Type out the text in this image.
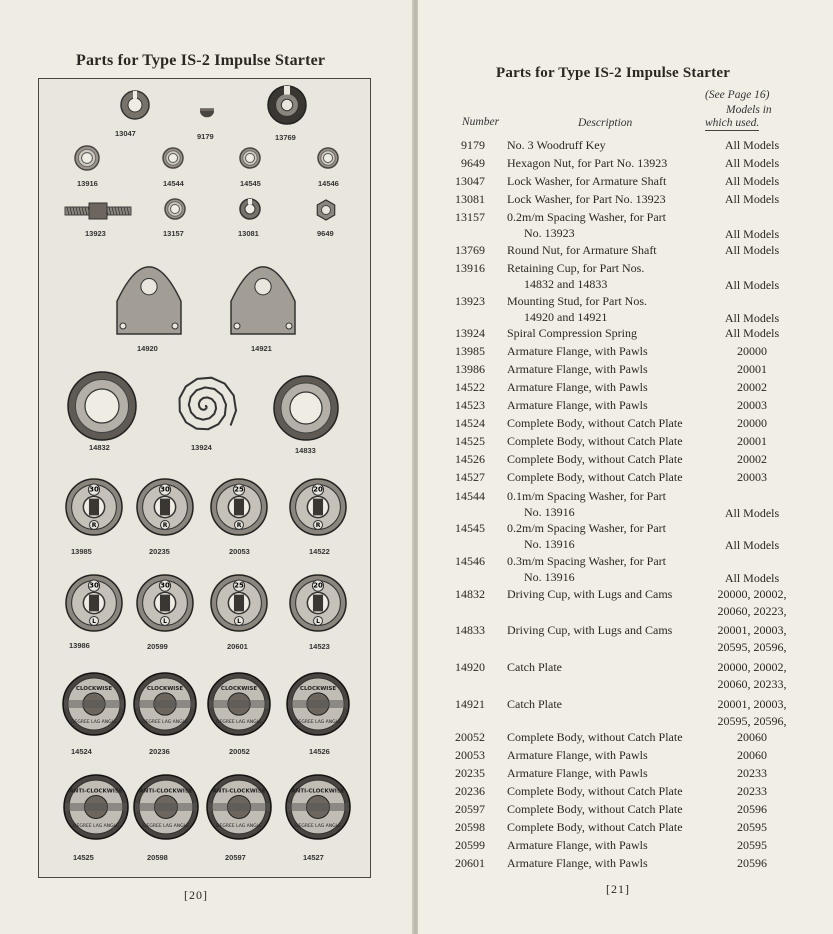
Parts for Type IS-2 Impulse Starter
13047	9179	13769
13916	14544	14545	14546
13923	13157	13081	9649
14920	14921
14832	13924	14833
30
R
13985
30
R
20235
25
R
20053
20
R
14522
30
L
13986
30
L
20599
25
L
20601
20
L
14523
CLOCKWISE
DEGREE LAG ANGLE
14524
CLOCKWISE
DEGREE LAG ANGLE
20236
CLOCKWISE
DEGREE LAG ANGLE
20052
CLOCKWISE
DEGREE LAG ANGLE
14526
ANTI-CLOCKWISE
DEGREE LAG ANGLE
14525
ANTI-CLOCKWISE
DEGREE LAG ANGLE
20598
ANTI-CLOCKWISE
DEGREE LAG ANGLE
20597
ANTI-CLOCKWISE
DEGREE LAG ANGLE
14527
[20]
Parts for Type IS-2 Impulse Starter
(See Page 16)
Models in
Number	Description	which used.
9179 No. 3 Woodruff Key	All Models
9649 Hexagon Nut, for Part No. 13923	All Models
13047 Lock Washer, for Armature Shaft	All Models
13081 Lock Washer, for Part No. 13923	All Models
13157 0.2m/m Spacing Washer, for Part
No. 13923	All Models
13769 Round Nut, for Armature Shaft	All Models
13916 Retaining Cup, for Part Nos.
14832 and 14833	All Models
13923 Mounting Stud, for Part Nos.
14920 and 14921	All Models
13924 Spiral Compression Spring	All Models
13985 Armature Flange, with Pawls	20000
13986 Armature Flange, with Pawls	20001
14522 Armature Flange, with Pawls	20002
14523 Armature Flange, with Pawls	20003
14524 Complete Body, without Catch Plate	20000
14525 Complete Body, without Catch Plate	20001
14526 Complete Body, without Catch Plate	20002
14527 Complete Body, without Catch Plate	20003
14544 0.1m/m Spacing Washer, for Part
No. 13916	All Models
14545 0.2m/m Spacing Washer, for Part
No. 13916	All Models
14546 0.3m/m Spacing Washer, for Part
No. 13916	All Models
14832 Driving Cup, with Lugs and Cams	20000, 20002,
20060, 20223,
14833 Driving Cup, with Lugs and Cams	20001, 20003,
20595, 20596,
14920 Catch Plate	20000, 20002,
20060, 20233,
14921 Catch Plate	20001, 20003,
20595, 20596,
20052 Complete Body, without Catch Plate	20060
20053 Armature Flange, with Pawls	20060
20235 Armature Flange, with Pawls	20233
20236 Complete Body, without Catch Plate	20233
20597 Complete Body, without Catch Plate	20596
20598 Complete Body, without Catch Plate	20595
20599 Armature Flange, with Pawls	20595
20601 Armature Flange, with Pawls	20596
[21]
